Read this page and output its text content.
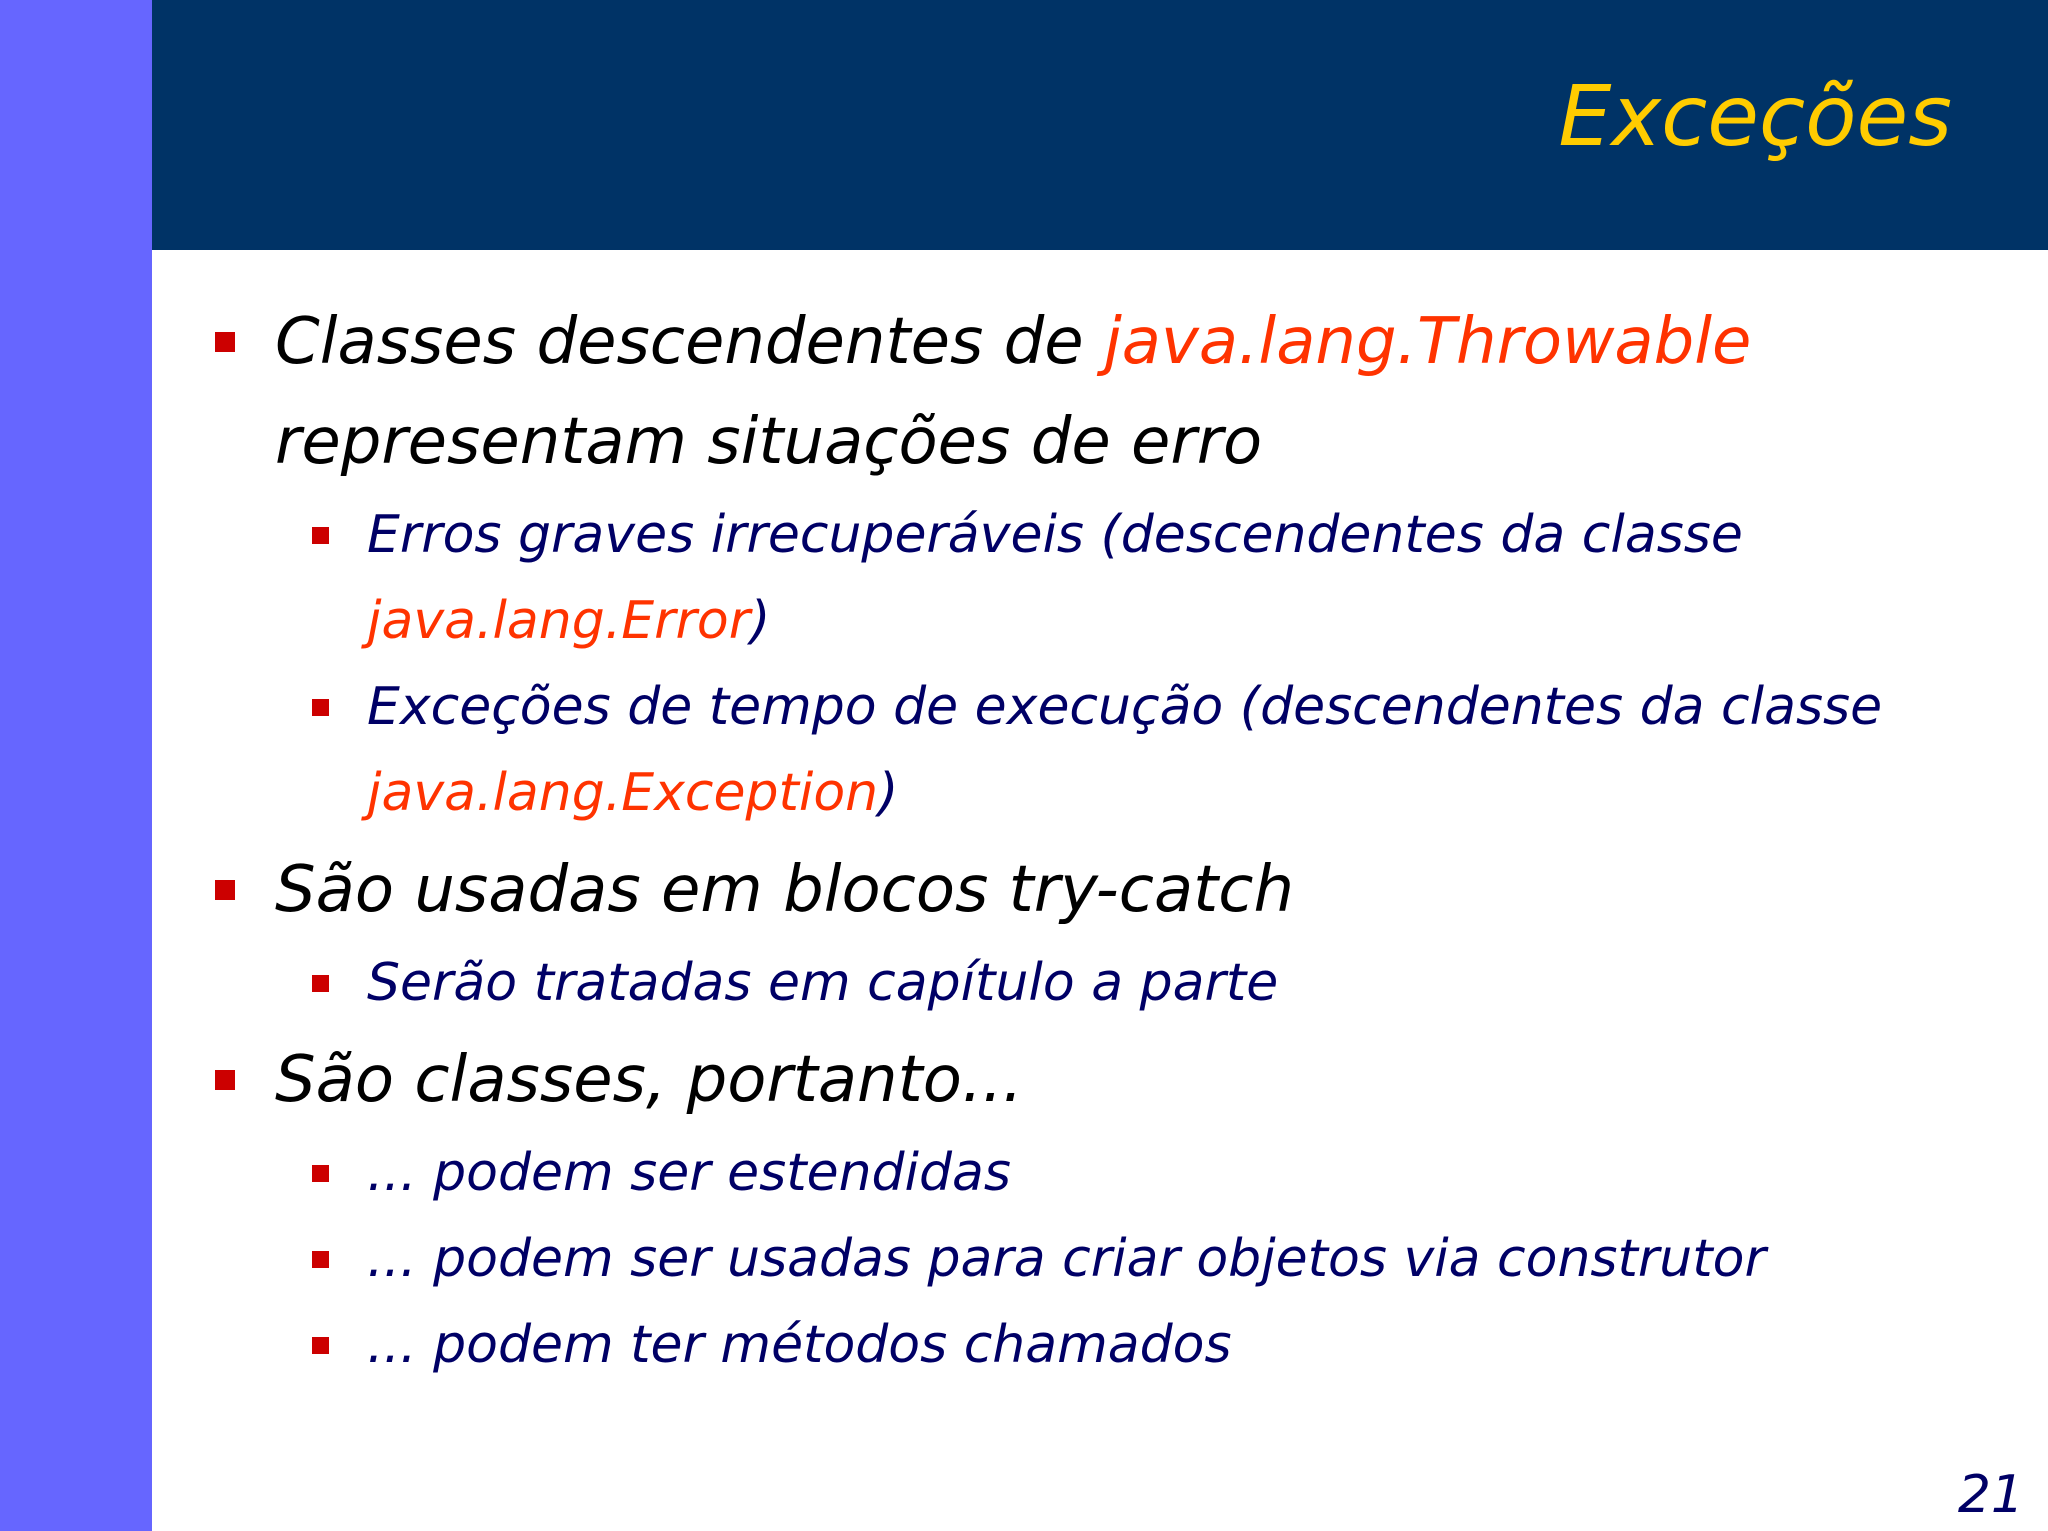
Exceções
Classes descendentes de java.lang.Throwable representam situações de erro
Erros graves irrecuperáveis (descendentes da classe java.lang.Error)
Exceções de tempo de execução (descendentes da classe java.lang.Exception)
São usadas em blocos try-catch
Serão tratadas em capítulo a parte
São classes, portanto...
... podem ser estendidas
... podem ser usadas para criar objetos via construtor
... podem ter métodos chamados
21
